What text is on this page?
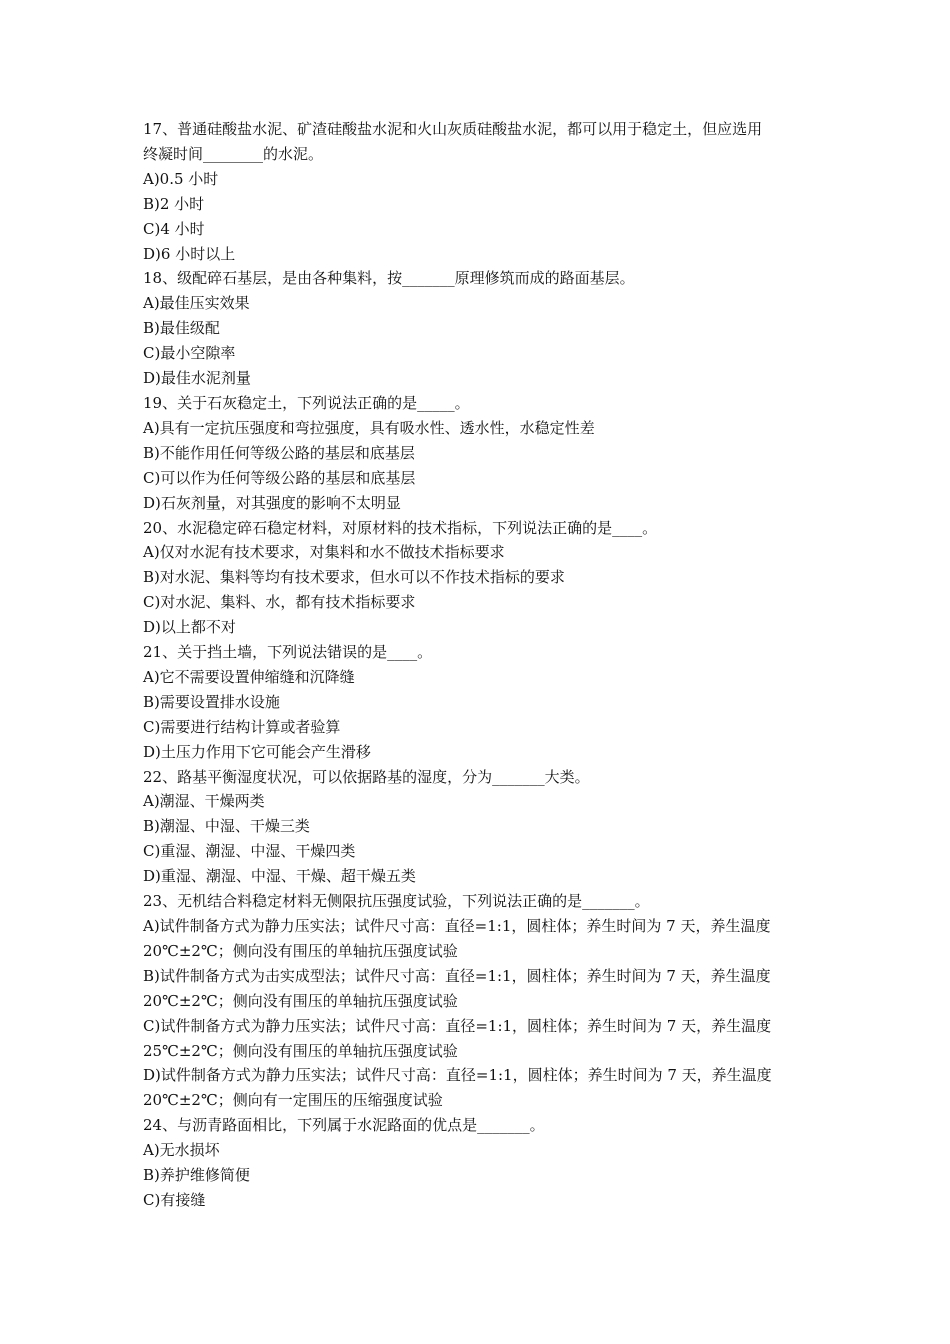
17、普通硅酸盐水泥、矿渣硅酸盐水泥和火山灰质硅酸盐水泥，都可以用于稳定土，但应选用
终凝时间________的水泥。
A)0.5 小时
B)2 小时
C)4 小时
D)6 小时以上
18、级配碎石基层，是由各种集料，按_______原理修筑而成的路面基层。
A)最佳压实效果
B)最佳级配
C)最小空隙率
D)最佳水泥剂量
19、关于石灰稳定土，下列说法正确的是_____。
A)具有一定抗压强度和弯拉强度，具有吸水性、透水性，水稳定性差
B)不能作用任何等级公路的基层和底基层
C)可以作为任何等级公路的基层和底基层
D)石灰剂量，对其强度的影响不太明显
20、水泥稳定碎石稳定材料，对原材料的技术指标，下列说法正确的是____。
A)仅对水泥有技术要求，对集料和水不做技术指标要求
B)对水泥、集料等均有技术要求，但水可以不作技术指标的要求
C)对水泥、集料、水，都有技术指标要求
D)以上都不对
21、关于挡土墙，下列说法错误的是____。
A)它不需要设置伸缩缝和沉降缝
B)需要设置排水设施
C)需要进行结构计算或者验算
D)土压力作用下它可能会产生滑移
22、路基平衡湿度状况，可以依据路基的湿度，分为_______大类。
A)潮湿、干燥两类
B)潮湿、中湿、干燥三类
C)重湿、潮湿、中湿、干燥四类
D)重湿、潮湿、中湿、干燥、超干燥五类
23、无机结合料稳定材料无侧限抗压强度试验，下列说法正确的是_______。
A)试件制备方式为静力压实法；试件尺寸高：直径=1:1，圆柱体；养生时间为 7 天，养生温度
20℃±2℃；侧向没有围压的单轴抗压强度试验
B)试件制备方式为击实成型法；试件尺寸高：直径=1:1，圆柱体；养生时间为 7 天，养生温度
20℃±2℃；侧向没有围压的单轴抗压强度试验
C)试件制备方式为静力压实法；试件尺寸高：直径=1:1，圆柱体；养生时间为 7 天，养生温度
25℃±2℃；侧向没有围压的单轴抗压强度试验
D)试件制备方式为静力压实法；试件尺寸高：直径=1:1，圆柱体；养生时间为 7 天，养生温度
20℃±2℃；侧向有一定围压的压缩强度试验
24、与沥青路面相比，下列属于水泥路面的优点是_______。
A)无水损坏
B)养护维修简便
C)有接缝
